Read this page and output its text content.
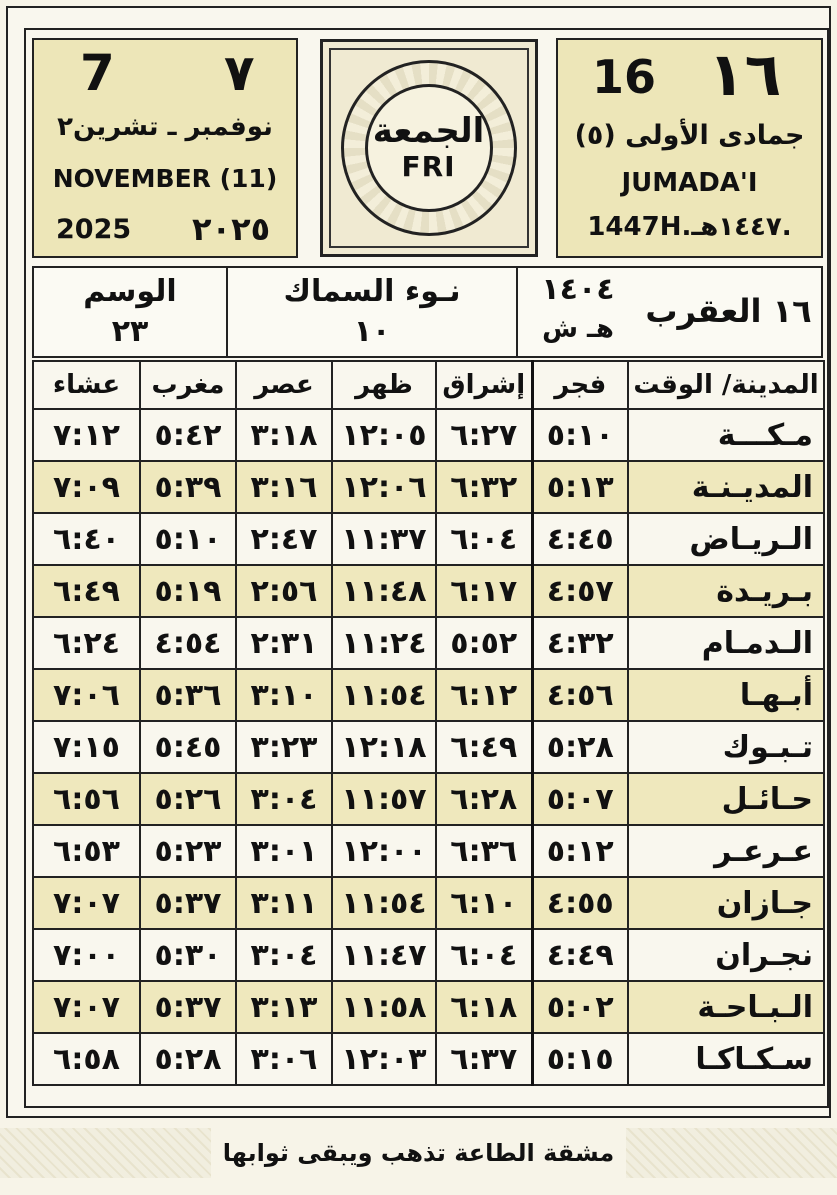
7 ٧
نوفمبر ـ تشرين٢
NOVEMBER (11)
2025 ٢٠٢٥
الجمعة
FRI
16 ١٦
جمادى الأولى (٥)
JUMADA'I
1447H.١٤٤٧هـ.
الوسم
٢٣
نـوء السماك
١٠
١٤٠٤
هـ ش ١٦ العقرب
المدينة/ الوقت	فجر	إشراق	ظهر	عصر	مغرب	عشاء
مـكـــة	٥:١٠	٦:٢٧	١٢:٠٥	٣:١٨	٥:٤٢	٧:١٢
المديـنـة	٥:١٣	٦:٣٢	١٢:٠٦	٣:١٦	٥:٣٩	٧:٠٩
الـريـاض	٤:٤٥	٦:٠٤	١١:٣٧	٢:٤٧	٥:١٠	٦:٤٠
بـريـدة	٤:٥٧	٦:١٧	١١:٤٨	٢:٥٦	٥:١٩	٦:٤٩
الـدمـام	٤:٣٢	٥:٥٢	١١:٢٤	٢:٣١	٤:٥٤	٦:٢٤
أبـهـا	٤:٥٦	٦:١٢	١١:٥٤	٣:١٠	٥:٣٦	٧:٠٦
تـبـوك	٥:٢٨	٦:٤٩	١٢:١٨	٣:٢٣	٥:٤٥	٧:١٥
حـائـل	٥:٠٧	٦:٢٨	١١:٥٧	٣:٠٤	٥:٢٦	٦:٥٦
عـرعـر	٥:١٢	٦:٣٦	١٢:٠٠	٣:٠١	٥:٢٣	٦:٥٣
جـازان	٤:٥٥	٦:١٠	١١:٥٤	٣:١١	٥:٣٧	٧:٠٧
نجـران	٤:٤٩	٦:٠٤	١١:٤٧	٣:٠٤	٥:٣٠	٧:٠٠
الـبـاحـة	٥:٠٢	٦:١٨	١١:٥٨	٣:١٣	٥:٣٧	٧:٠٧
سـكـاكـا	٥:١٥	٦:٣٧	١٢:٠٣	٣:٠٦	٥:٢٨	٦:٥٨
مشقة الطاعة تذهب ويبقى ثوابها
